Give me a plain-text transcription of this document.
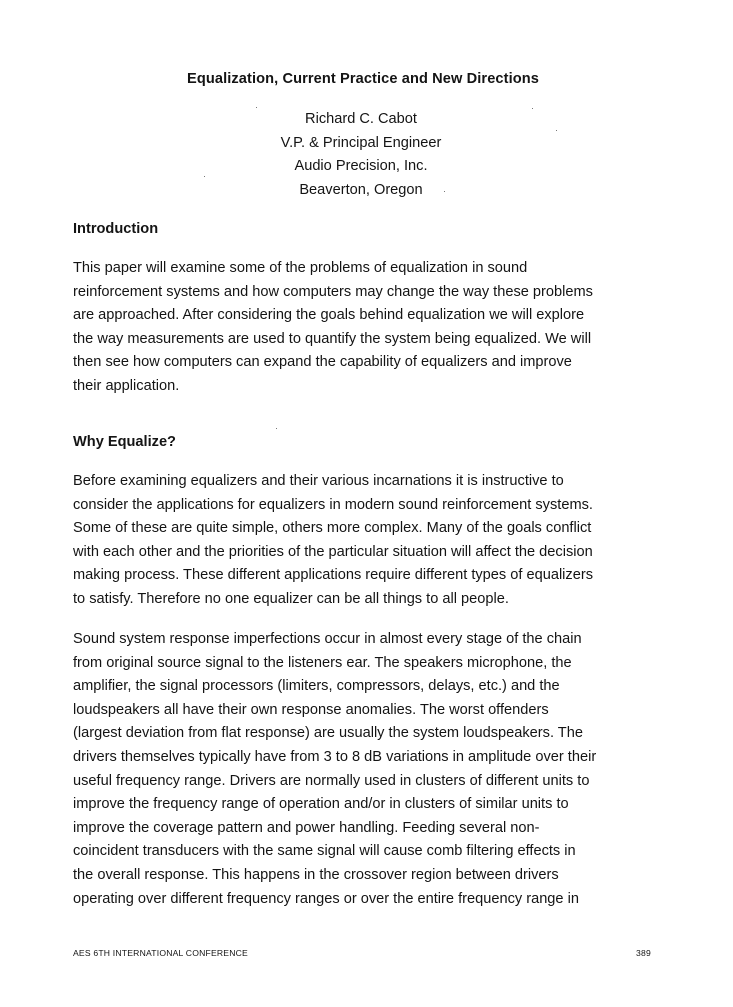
Equalization, Current Practice and New Directions
Richard C. Cabot
V.P. & Principal Engineer
Audio Precision, Inc.
Beaverton, Oregon
Introduction
This paper will examine some of the problems of equalization in sound
reinforcement systems and how computers may change the way these problems
are approached. After considering the goals behind equalization we will explore
the way measurements are used to quantify the system being equalized. We will
then see how computers can expand the capability of equalizers and improve
their application.
Why Equalize?
Before examining equalizers and their various incarnations it is instructive to
consider the applications for equalizers in modern sound reinforcement systems.
Some of these are quite simple, others more complex. Many of the goals conflict
with each other and the priorities of the particular situation will affect the decision
making process. These different applications require different types of equalizers
to satisfy. Therefore no one equalizer can be all things to all people.
Sound system response imperfections occur in almost every stage of the chain
from original source signal to the listeners ear. The speakers microphone, the
amplifier, the signal processors (limiters, compressors, delays, etc.) and the
loudspeakers all have their own response anomalies. The worst offenders
(largest deviation from flat response) are usually the system loudspeakers. The
drivers themselves typically have from 3 to 8 dB variations in amplitude over their
useful frequency range. Drivers are normally used in clusters of different units to
improve the frequency range of operation and/or in clusters of similar units to
improve the coverage pattern and power handling. Feeding several non-
coincident transducers with the same signal will cause comb filtering effects in
the overall response. This happens in the crossover region between drivers
operating over different frequency ranges or over the entire frequency range in
AES 6TH INTERNATIONAL CONFERENCE	389
